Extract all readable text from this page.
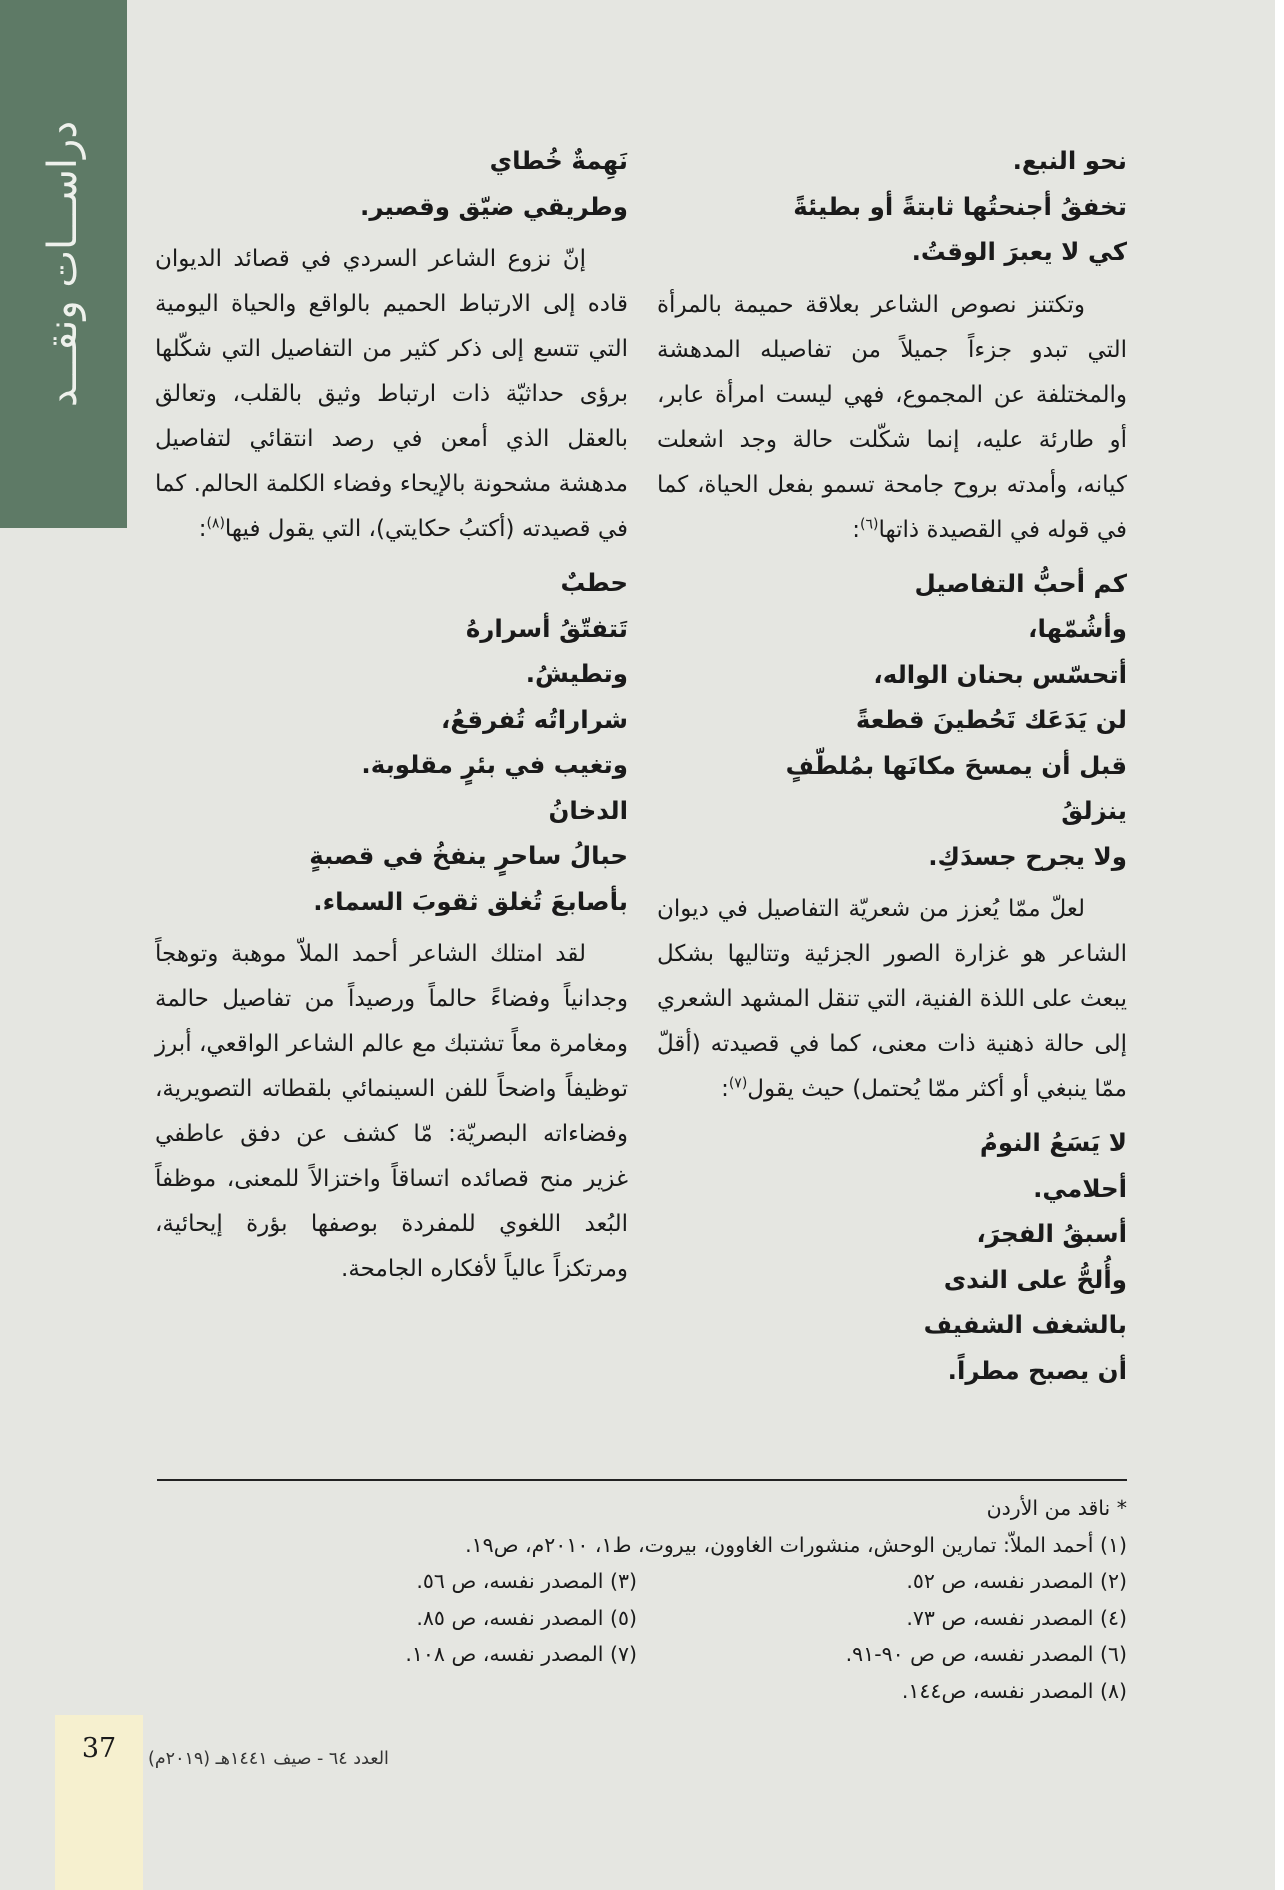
دراســـات ونقـــد	نحو النبع.

تخفقُ أجنحتُها ثابتةً أو بطيئةً

كي لا يعبرَ الوقتُ.

وتكتنز نصوص الشاعر بعلاقة حميمة بالمرأة التي تبدو جزءاً جميلاً من تفاصيله المدهشة والمختلفة عن المجموع، فهي ليست امرأة عابر، أو طارئة عليه، إنما شكّلت حالة وجد اشعلت كيانه، وأمدته بروح جامحة تسمو بفعل الحياة، كما في قوله في القصيدة ذاتها$^{(٦)}$:

كم أحبُّ التفاصيل

وأشُمّها،

أتحسّس بحنان الواله،

لن يَدَعَك تَحُطينَ قطعةً

قبل أن يمسحَ مكانَها بمُلطّفٍ

ينزلقُ

ولا يجرح جسدَكِ.

لعلّ ممّا يُعزز من شعريّة التفاصيل في ديوان الشاعر هو غزارة الصور الجزئية وتتاليها بشكل يبعث على اللذة الفنية، التي تنقل المشهد الشعري إلى حالة ذهنية ذات معنى، كما في قصيدته (أقلّ ممّا ينبغي أو أكثر ممّا يُحتمل) حيث يقول$^{(٧)}$:

لا يَسَعُ النومُ

أحلامي.

أسبقُ الفجرَ،

وأُلحُّ على الندى

بالشغف الشفيف

أن يصبح مطراً.

نَهِمةٌ خُطاي

وطريقي ضيّق وقصير.

إنّ نزوع الشاعر السردي في قصائد الديوان قاده إلى الارتباط الحميم بالواقع والحياة اليومية التي تتسع إلى ذكر كثير من التفاصيل التي شكّلها برؤى حداثيّة ذات ارتباط وثيق بالقلب، وتعالق بالعقل الذي أمعن في رصد انتقائي لتفاصيل مدهشة مشحونة بالإيحاء وفضاء الكلمة الحالم. كما في قصيدته (أكتبُ حكايتي)، التي يقول فيها$^{(٨)}$:

حطبٌ

تَتفتّقُ أسرارهُ

وتطيشُ.

شراراتُه تُفرقعُ،

وتغيب في بئرٍ مقلوبة.

الدخانُ

حبالُ ساحرٍ ينفخُ في قصبةٍ

بأصابعَ تُغلق ثقوبَ السماء.

لقد امتلك الشاعر أحمد الملاّ موهبة وتوهجاً وجدانياً وفضاءً حالماً ورصيداً من تفاصيل حالمة ومغامرة معاً تشتبك مع عالم الشاعر الواقعي، أبرز توظيفاً واضحاً للفن السينمائي بلقطاته التصويرية، وفضاءاته البصريّة: مّا كشف عن دفق عاطفي غزير منح قصائده اتساقاً واختزالاً للمعنى، موظفاً البُعد اللغوي للمفردة بوصفها بؤرة إيحائية، ومرتكزاً عالياً لأفكاره الجامحة.

* ناقد من الأردن
(١) أحمد الملاّ: تمارين الوحش، منشورات الغاوون، بيروت، ط١، ٢٠١٠م، ص١٩.
(٢) المصدر نفسه، ص ٥٢.
(٣) المصدر نفسه، ص ٥٦.
(٤) المصدر نفسه، ص ٧٣.
(٥) المصدر نفسه، ص ٨٥.
(٦) المصدر نفسه، ص ص ٩٠-٩١.
(٧) المصدر نفسه، ص ١٠٨.
(٨) المصدر نفسه، ص١٤٤.
37	العدد ٦٤ - صيف ١٤٤١هـ (٢٠١٩م)
